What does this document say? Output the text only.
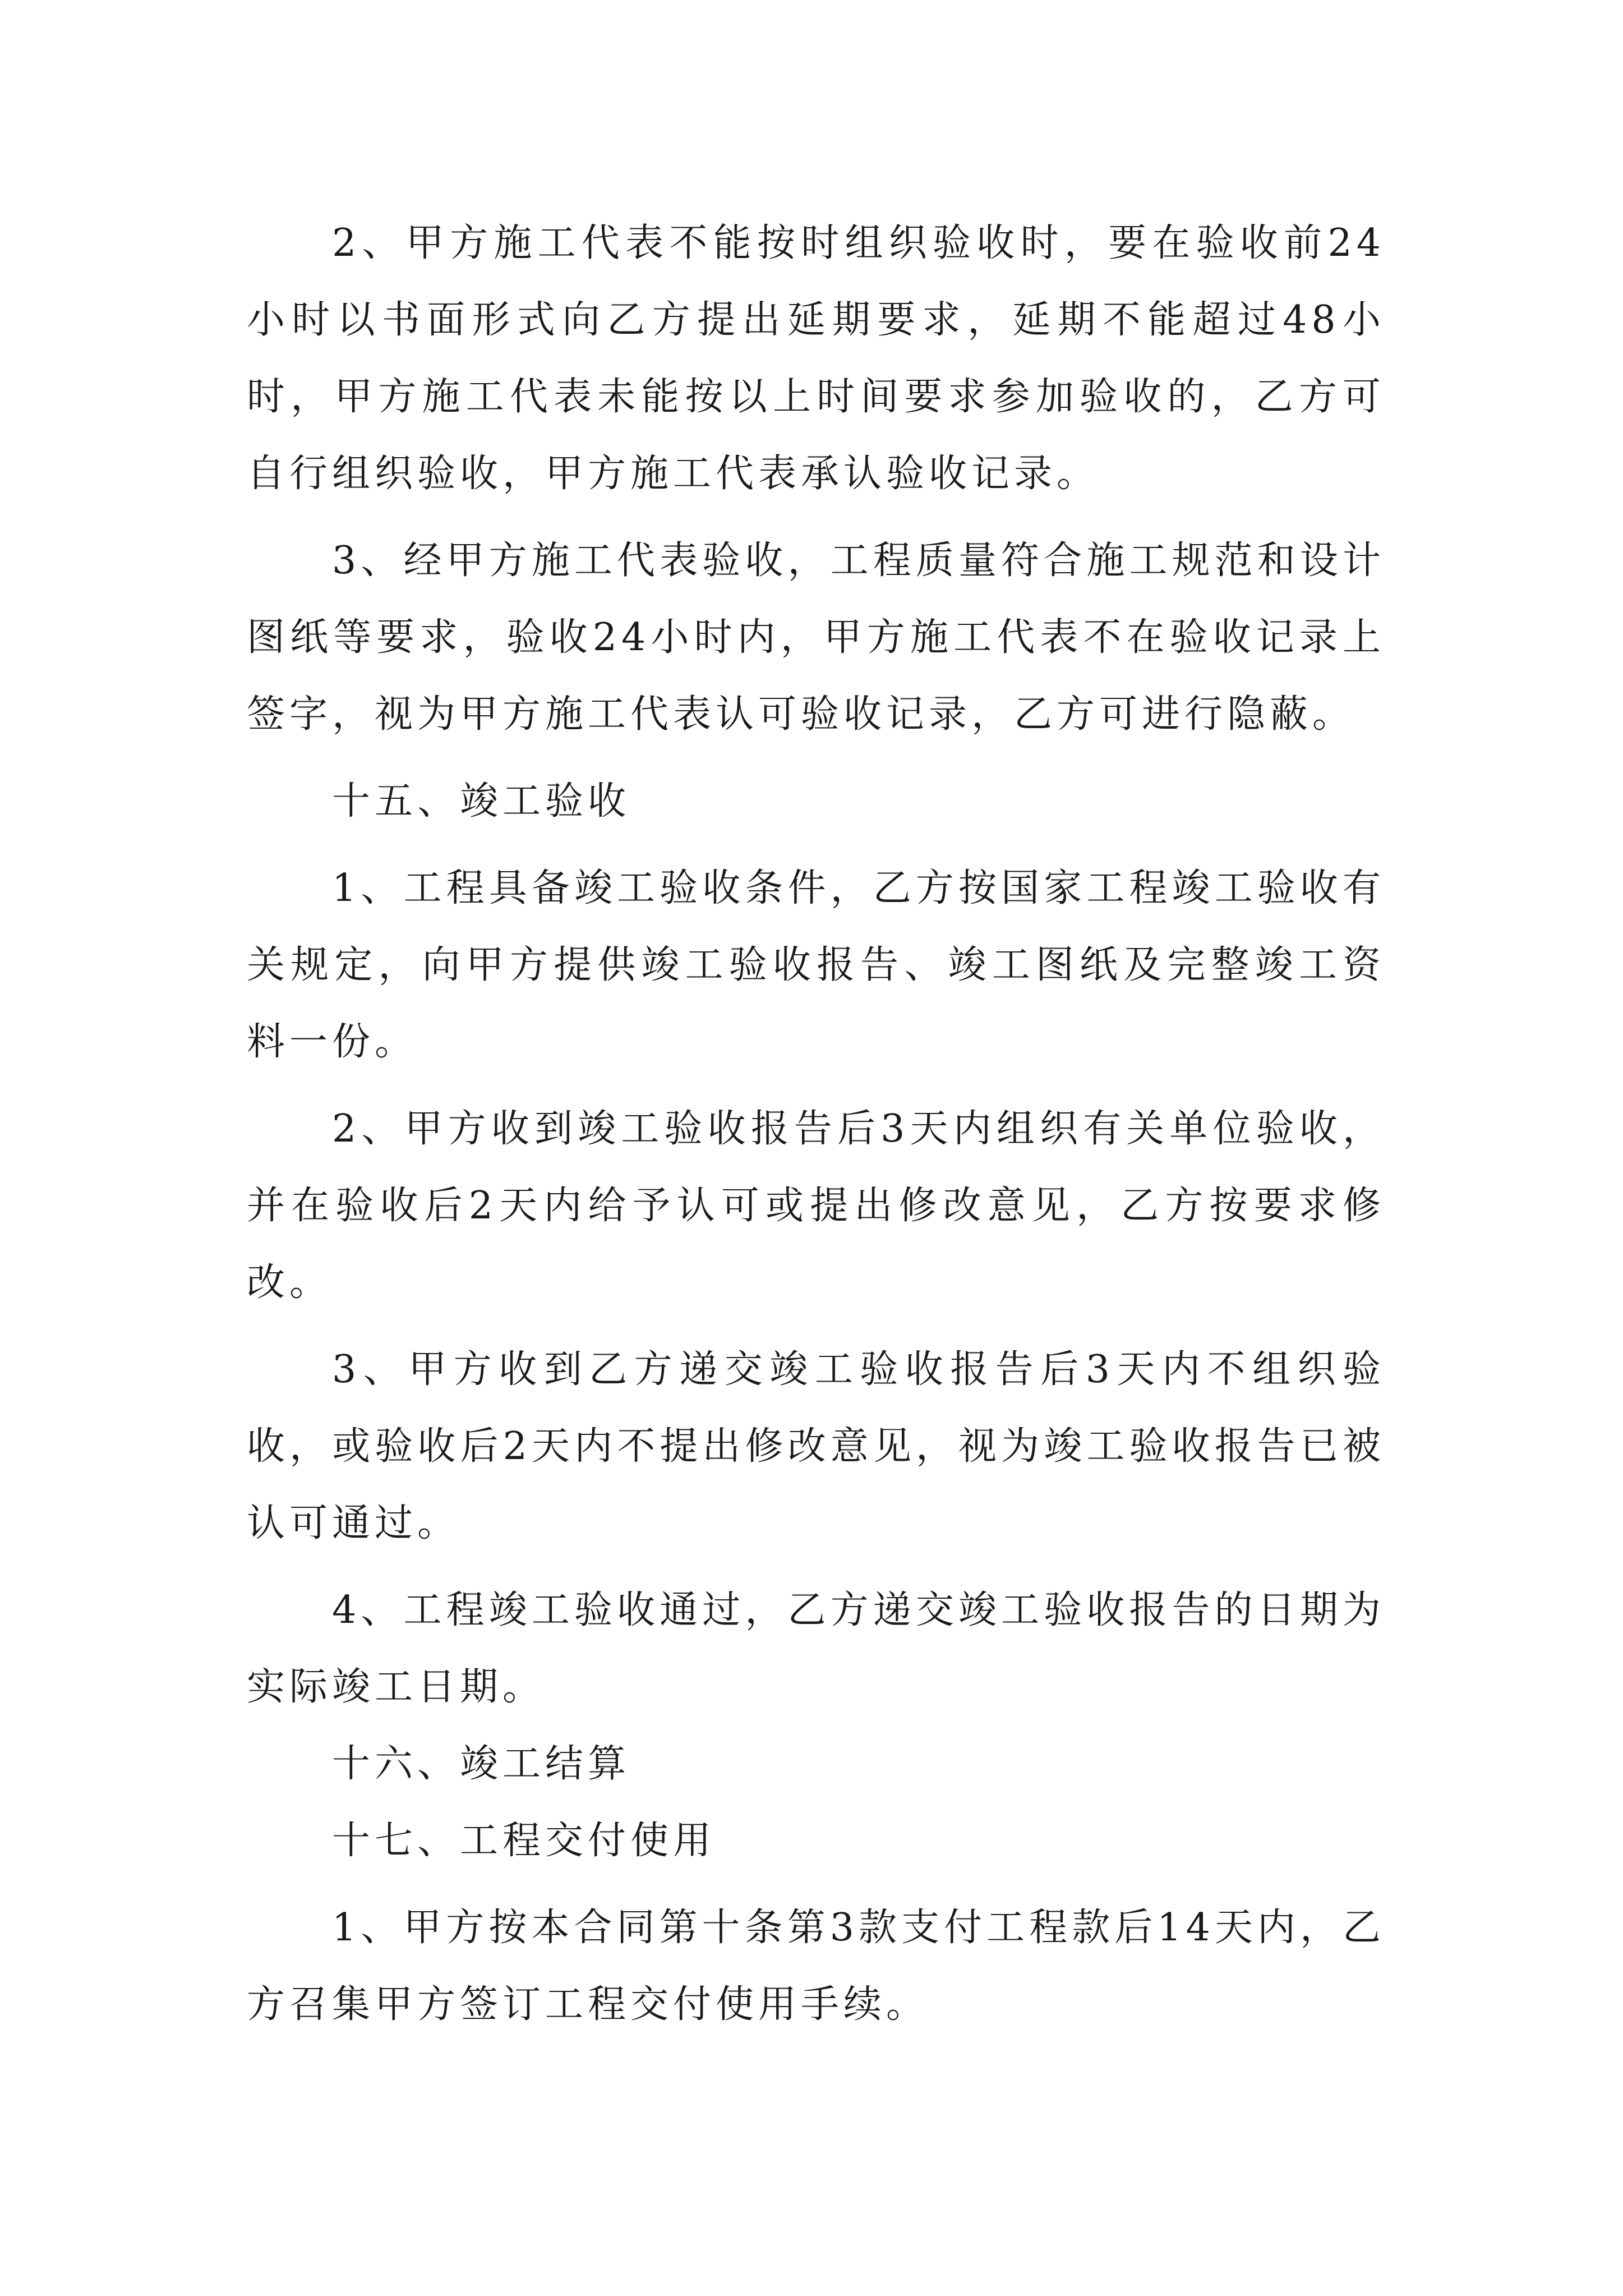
2、甲方施工代表不能按时组织验收时，要在验收前24小时以书面形式向乙方提出延期要求，延期不能超过48小时，甲方施工代表未能按以上时间要求参加验收的，乙方可自行组织验收，甲方施工代表承认验收记录。

3、经甲方施工代表验收，工程质量符合施工规范和设计图纸等要求，验收24小时内，甲方施工代表不在验收记录上签字，视为甲方施工代表认可验收记录，乙方可进行隐蔽。

十五、竣工验收

1、工程具备竣工验收条件，乙方按国家工程竣工验收有关规定，向甲方提供竣工验收报告、竣工图纸及完整竣工资料一份。

2、甲方收到竣工验收报告后3天内组织有关单位验收，并在验收后2天内给予认可或提出修改意见，乙方按要求修改。

3、甲方收到乙方递交竣工验收报告后3天内不组织验收，或验收后2天内不提出修改意见，视为竣工验收报告已被认可通过。

4、工程竣工验收通过，乙方递交竣工验收报告的日期为实际竣工日期。

十六、竣工结算

十七、工程交付使用

1、甲方按本合同第十条第3款支付工程款后14天内，乙方召集甲方签订工程交付使用手续。
